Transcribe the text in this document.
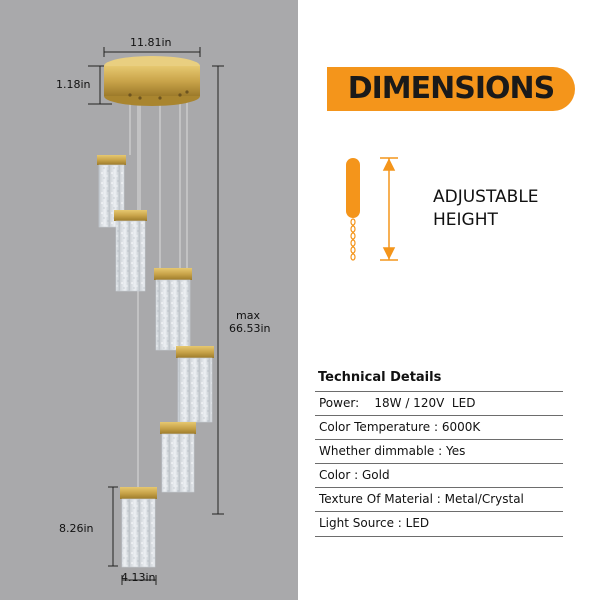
11.81in
1.18in
max
66.53in
8.26in
4.13in
DIMENSIONS
ADJUSTABLE
HEIGHT
Technical Details
Power:    18W / 120V  LED
Color Temperature : 6000K
Whether dimmable : Yes
Color : Gold
Texture Of Material : Metal/Crystal
Light Source : LED
